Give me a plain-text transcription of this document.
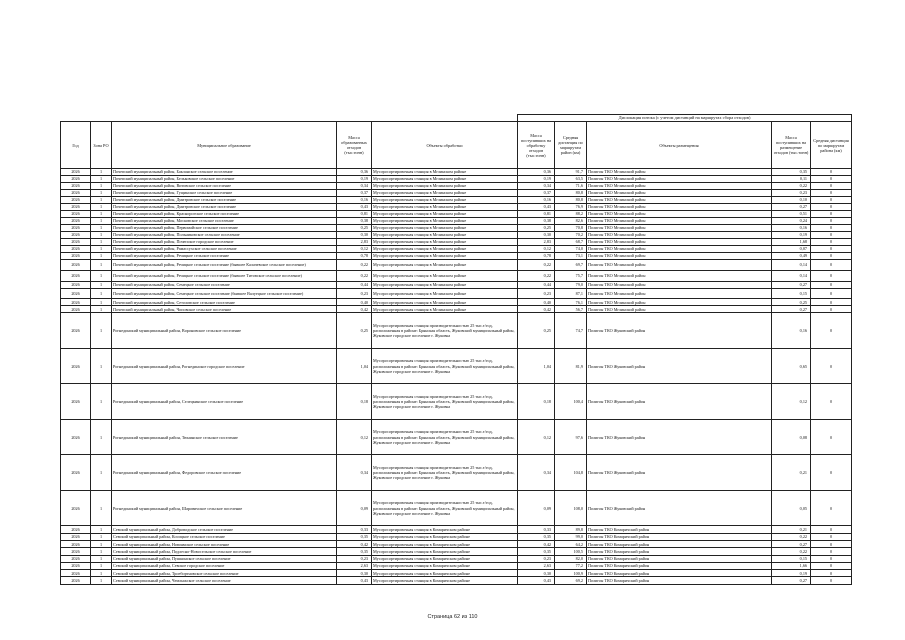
					Дислокация потока (с учетом дистанций на маршрутах сбора отходов)				
Год	Зона РО	Муниципальное образование	Масса образованных отходов (тыс.тонн)	Объекты обработки	Масса поступивших на обработку отходов (тыс.тонн)	Средняя дистанция по маршрутам район (км)	Объекты размещения	Масса поступивших на размещение отходов (тыс.тонн)	Средняя дистанция по маршрутам района (км)
2026	1	Почепский муниципальный район, Бакланское сельское поселение	0,36	Мусоросортировочная станция в Мглинском районе	0,36	91,7	Полигон ТКО Мглинский район	0,35	0
2026	1	Почепский муниципальный район, Бельковское сельское поселение	0,19	Мусоросортировочная станция в Мглинском районе	0,19	63,5	Полигон ТКО Мглинский район	0,11	0
2026	1	Почепский муниципальный район, Витовское сельское поселение	0,34	Мусоросортировочная станция в Мглинском районе	0,34	71,6	Полигон ТКО Мглинский район	0,22	0
2026	1	Почепский муниципальный район, Гущинское сельское поселение	0,37	Мусоросортировочная станция в Мглинском районе	0,37	80,8	Полигон ТКО Мглинский район	0,23	0
2026	1	Почепский муниципальный район, Дмитровское сельское поселение	0,16	Мусоросортировочная станция в Мглинском районе	0,16	80,8	Полигон ТКО Мглинский район	0,10	0
2026	1	Почепский муниципальный район, Дмитровское сельское поселение	0,43	Мусоросортировочная станция в Мглинском районе	0,43	76,9	Полигон ТКО Мглинский район	0,27	0
2026	1	Почепский муниципальный район, Краснорогское сельское поселение	0,81	Мусоросортировочная станция в Мглинском районе	0,81	88,2	Полигон ТКО Мглинский район	0,51	0
2026	1	Почепский муниципальный район, Московское сельское поселение	0,38	Мусоросортировочная станция в Мглинском районе	0,38	82,6	Полигон ТКО Мглинский район	0,24	0
2026	1	Почепский муниципальный район, Первомайское сельское поселение	0,25	Мусоросортировочная станция в Мглинском районе	0,25	70,8	Полигон ТКО Мглинский район	0,16	0
2026	1	Почепский муниципальный район, Польниковское сельское поселение	0,30	Мусоросортировочная станция в Мглинском районе	0,30	70,2	Полигон ТКО Мглинский район	0,19	0
2026	1	Почепский муниципальный район, Почепское городское поселение	2,83	Мусоросортировочная станция в Мглинском районе	2,83	68,7	Полигон ТКО Мглинский район	1,68	0
2026	1	Почепский муниципальный район, Рамассухское сельское поселение	0,12	Мусоросортировочная станция в Мглинском районе	0,12	74,0	Полигон ТКО Мглинский район	0,07	0
2026	1	Почепский муниципальный район, Речицкое сельское поселение	0,78	Мусоросортировочная станция в Мглинском районе	0,78	73,1	Полигон ТКО Мглинский район	0,49	0
2026	1	Почепский муниципальный район, Речицкое сельское поселение (бывшее Калачевское сельское поселение)	0,22	Мусоросортировочная станция в Мглинском районе	0,22	69,7	Полигон ТКО Мглинский район	0,14	0
2026	1	Почепский муниципальный район, Речицкое сельское поселение (бывшее Титовское сельское поселение)	0,22	Мусоросортировочная станция в Мглинском районе	0,22	75,7	Полигон ТКО Мглинский район	0,14	0
2026	1	Почепский муниципальный район, Семецкое сельское поселение	0,44	Мусоросортировочная станция в Мглинском районе	0,44	79,0	Полигон ТКО Мглинский район	0,27	0
2026	1	Почепский муниципальный район, Семецкое сельское поселение (бывшее Валуецкое сельское поселение)	0,23	Мусоросортировочная станция в Мглинском районе	0,23	87,1	Полигон ТКО Мглинский район	0,15	0
2026	1	Почепский муниципальный район, Сетоловское сельское поселение	0,40	Мусоросортировочная станция в Мглинском районе	0,40	76,1	Полигон ТКО Мглинский район	0,25	0
2026	1	Почепский муниципальный район, Чоповское сельское поселение	0,42	Мусоросортировочная станция в Мглинском районе	0,42	56,7	Полигон ТКО Мглинский район	0,27	0
2026	1	Рогнединский муниципальный район, Вороновское сельское поселение	0,25	Мусоросортировочная станция производительностью 25 тыс.т/год, расположенная в районе: Брянская область, Жуковский муниципальный район, Жуковское городское поселение г. Жуковка	0,25	74,7	Полигон ТКО Жуковский район	0,16	0
2026	1	Рогнединский муниципальный район, Рогнединское городское поселение	1,04	Мусоросортировочная станция производительностью 25 тыс.т/год, расположенная в районе: Брянская область, Жуковский муниципальный район, Жуковское городское поселение г. Жуковка	1,04	81,9	Полигон ТКО Жуковский район	0,65	0
2026	1	Рогнединский муниципальный район, Селецкинское сельское поселение	0,18	Мусоросортировочная станция производительностью 25 тыс.т/год, расположенная в районе: Брянская область, Жуковский муниципальный район, Жуковское городское поселение г. Жуковка	0,18	100,4	Полигон ТКО Жуковский район	0,12	0
2026	1	Рогнединский муниципальный район, Тюнинское сельское поселение	0,12	Мусоросортировочная станция производительностью 25 тыс.т/год, расположенная в районе: Брянская область, Жуковский муниципальный район, Жуковское городское поселение г. Жуковка	0,12	97,6	Полигон ТКО Жуковский район	0,08	0
2026	1	Рогнединский муниципальный район, Федоровское сельское поселение	0,34	Мусоросортировочная станция производительностью 25 тыс.т/год, расположенная в районе: Брянская область, Жуковский муниципальный район, Жуковское городское поселение г. Жуковка	0,34	104,8	Полигон ТКО Жуковский район	0,21	0
2026	1	Рогнединский муниципальный район, Шаровичское сельское поселение	0,09	Мусоросортировочная станция производительностью 25 тыс.т/год, расположенная в районе: Брянская область, Жуковский муниципальный район, Жуковское городское поселение г. Жуковка	0,09	108,0	Полигон ТКО Жуковский район	0,05	0
2026	1	Севский муниципальный район, Доброводское сельское поселение	0,33	Мусоросортировочная станция в Комаричском районе	0,33	89,8	Полигон ТКО Комаричский район	0,21	0
2026	1	Севский муниципальный район, Косицкое сельское поселение	0,35	Мусоросортировочная станция в Комаричском районе	0,35	99,0	Полигон ТКО Комаричский район	0,22	0
2026	1	Севский муниципальный район, Новоямское сельское поселение	0,42	Мусоросортировочная станция в Комаричском районе	0,42	64,2	Полигон ТКО Комаричский район	0,27	0
2026	1	Севский муниципальный район, Подлесно-Новосельское сельское поселение	0,35	Мусоросортировочная станция в Комаричском районе	0,35	100,5	Полигон ТКО Комаричский район	0,22	0
2026	1	Севский муниципальный район, Пушкинское сельское поселение	0,23	Мусоросортировочная станция в Комаричском районе	0,23	82,0	Полигон ТКО Комаричский район	0,15	0
2026	1	Севский муниципальный район, Севское городское поселение	2,63	Мусоросортировочная станция в Комаричском районе	2,63	77,2	Полигон ТКО Комаричский район	1,66	0
2026	1	Севский муниципальный район, Троебортновское сельское поселение	0,30	Мусоросортировочная станция в Комаричском районе	0,30	100,9	Полигон ТКО Комаричский район	0,19	0
2026	1	Севский муниципальный район, Чемлыжское сельское поселение	0,43	Мусоросортировочная станция в Комаричском районе	0,43	69,2	Полигон ТКО Комаричский район	0,27	0
Страница 62 из 110
